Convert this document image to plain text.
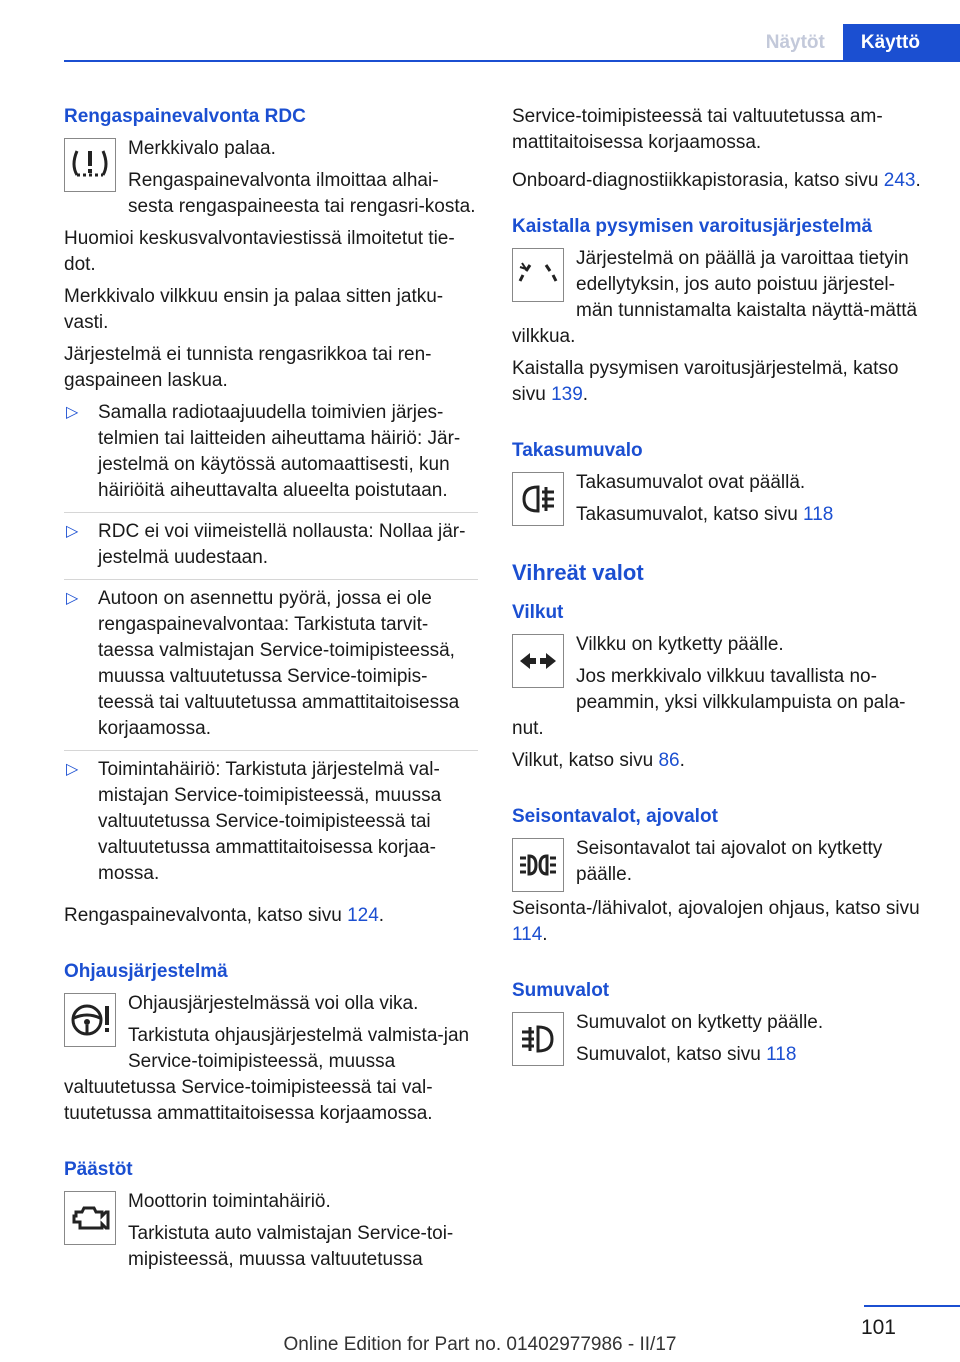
Näytöt	Käyttö
Rengaspainevalvonta RDC

Merkkivalo palaa.

Rengaspainevalvonta ilmoittaa alhai-sesta rengaspaineesta tai rengasri-kosta.

Huomioi keskusvalvontaviestissä ilmoitetut tie-dot.

Merkkivalo vilkkuu ensin ja palaa sitten jatku-vasti.

Järjestelmä ei tunnista rengasrikkoa tai ren-gaspaineen laskua.

▷ Samalla radiotaajuudella toimivien järjes-telmien tai laitteiden aiheuttama häiriö: Jär-jestelmä on käytössä automaattisesti, kun häiriöitä aiheuttavalta alueelta poistutaan.
▷ RDC ei voi viimeistellä nollausta: Nollaa jär-jestelmä uudestaan.
▷ Autoon on asennettu pyörä, jossa ei ole rengaspainevalvontaa: Tarkistuta tarvit-taessa valmistajan Service-toimipisteessä, muussa valtuutetussa Service-toimipis-teessä tai valtuutetussa ammattitaitoisessa korjaamossa.
▷ Toimintahäiriö: Tarkistuta järjestelmä val-mistajan Service-toimipisteessä, muussa valtuutetussa Service-toimipisteessä tai valtuutetussa ammattitaitoisessa korjaa-mossa.

Rengaspainevalvonta, katso sivu 124.

Ohjausjärjestelmä

Ohjausjärjestelmässä voi olla vika.

Tarkistuta ohjausjärjestelmä valmista-jan Service-toimipisteessä, muussa valtuutetussa Service-toimipisteessä tai val-tuutetussa ammattitaitoisessa korjaamossa.

Päästöt

Moottorin toimintahäiriö.

Tarkistuta auto valmistajan Service-toi-mipisteessä, muussa valtuutetussa

Service-toimipisteessä tai valtuutetussa am-mattitaitoisessa korjaamossa.

Onboard-diagnostiikkapistorasia, katso sivu 243.

Kaistalla pysymisen varoitusjärjestelmä

Järjestelmä on päällä ja varoittaa tietyin edellytyksin, jos auto poistuu järjestel-män tunnistamalta kaistalta näyttä-mättä vilkkua.

Kaistalla pysymisen varoitusjärjestelmä, katso sivu 139.

Takasumuvalo

Takasumuvalot ovat päällä.

Takasumuvalot, katso sivu 118

Vihreät valot
Vilkut

Vilkku on kytketty päälle.

Jos merkkivalo vilkkuu tavallista no-peammin, yksi vilkkulampuista on pala-nut.

Vilkut, katso sivu 86.

Seisontavalot, ajovalot

Seisontavalot tai ajovalot on kytketty päälle.

Seisonta-/lähivalot, ajovalojen ohjaus, katso sivu 114.

Sumuvalot

Sumuvalot on kytketty päälle.

Sumuvalot, katso sivu 118

101
Online Edition for Part no. 01402977986 - II/17
